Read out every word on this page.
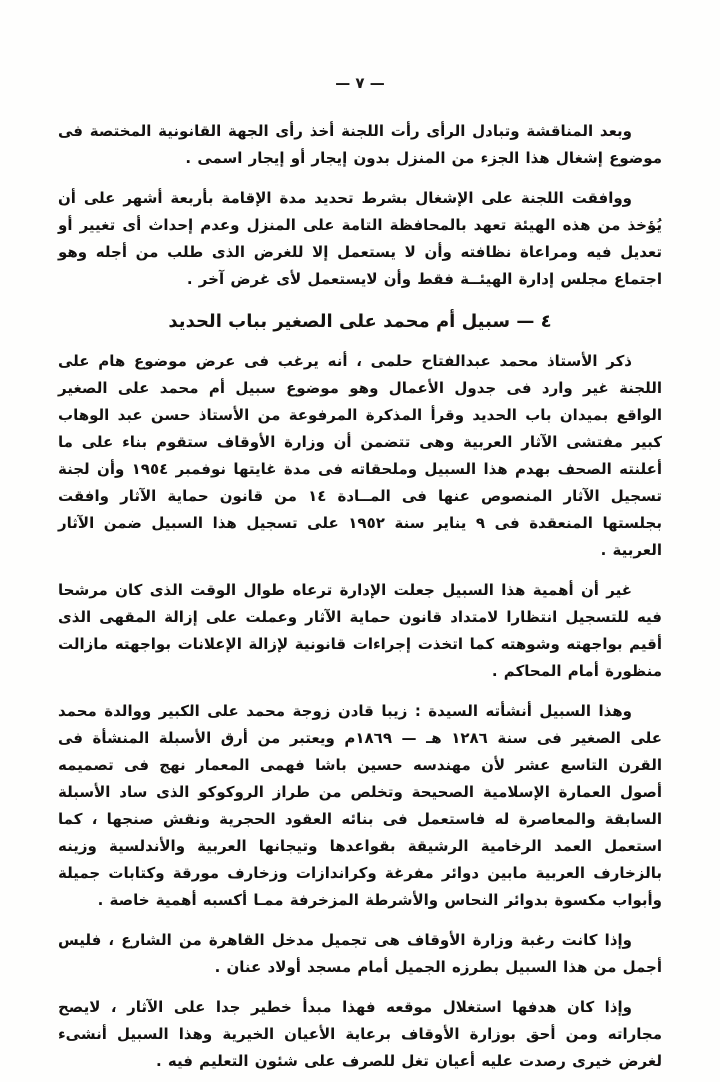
— ٧ —

وبعد المناقشة وتبادل الرأى رأت اللجنة أخذ رأى الجهة القانونية المختصة فى موضوع إشغال هذا الجزء من المنزل بدون إيجار أو إيجار اسمى .

ووافقت اللجنة على الإشغال بشرط تحديد مدة الإقامة بأربعة أشهر على أن يُؤخذ من هذه الهيئة تعهد بالمحافظة التامة على المنزل وعدم إحداث أى تغيير أو تعديل فيه ومراعاة نظافته وأن لا يستعمل إلا للغرض الذى طلب من أجله وهو اجتماع مجلس إدارة الهيئــة فقط وأن لايستعمل لأى غرض آخر .

٤ — سبيل أم محمد على الصغير بباب الحديد

ذكر الأستاذ محمد عبدالفتاح حلمى ، أنه يرغب فى عرض موضوع هام على اللجنة غير وارد فى جدول الأعمال وهو موضوع سبيل أم محمد على الصغير الواقع بميدان باب الحديد وقرأ المذكرة المرفوعة من الأستاذ حسن عبد الوهاب كبير مفتشى الآثار العربية وهى تتضمن أن وزارة الأوقاف ستقوم بناء على ما أعلنته الصحف بهدم هذا السبيل وملحقاته فى مدة غايتها نوفمبر ١٩٥٤ وأن لجنة تسجيل الآثار المنصوص عنها فى المــادة ١٤ من قانون حماية الآثار وافقت بجلستها المنعقدة فى ٩ يناير سنة ١٩٥٢ على تسجيل هذا السبيل ضمن الآثار العربية .

غير أن أهمية هذا السبيل جعلت الإدارة ترعاه طوال الوقت الذى كان مرشحا فيه للتسجيل انتظارا لامتداد قانون حماية الآثار وعملت على إزالة المقهى الذى أقيم بواجهته وشوهته كما اتخذت إجراءات قانونية لإزالة الإعلانات بواجهته مازالت منظورة أمام المحاكم .

وهذا السبيل أنشأته السيدة : زيبا قادن زوجة محمد على الكبير ووالدة محمد على الصغير فى سنة ١٢٨٦ هـ — ١٨٦٩م ويعتبر من أرق الأسبلة المنشأة فى القرن التاسع عشر لأن مهندسه حسين باشا فهمى المعمار نهج فى تصميمه أصول العمارة الإسلامية الصحيحة وتخلص من طراز الروكوكو الذى ساد الأسبلة السابقة والمعاصرة له فاستعمل فى بنائه العقود الحجرية ونقش صنجها ، كما استعمل العمد الرخامية الرشيقة بقواعدها وتيجانها العربية والأندلسية وزينه بالزخارف العربية مابين دوائر مفرغة وكراندازات وزخارف مورقة وكتابات جميلة وأبواب مكسوة بدوائر النحاس والأشرطة المزخرفة ممـا أكسبه أهمية خاصة .

وإذا كانت رغبة وزارة الأوقاف هى تجميل مدخل القاهرة من الشارع ، فليس أجمل من هذا السبيل بطرزه الجميل أمام مسجد أولاد عنان .

وإذا كان هدفها استغلال موقعه فهذا مبدأ خطير جدا على الآثار ، لايصح مجاراته ومن أحق بوزارة الأوقاف برعاية الأعيان الخيرية وهذا السبيل أنشىء لغرض خيرى رصدت عليه أعيان تغل للصرف على شئون التعليم فيه .
